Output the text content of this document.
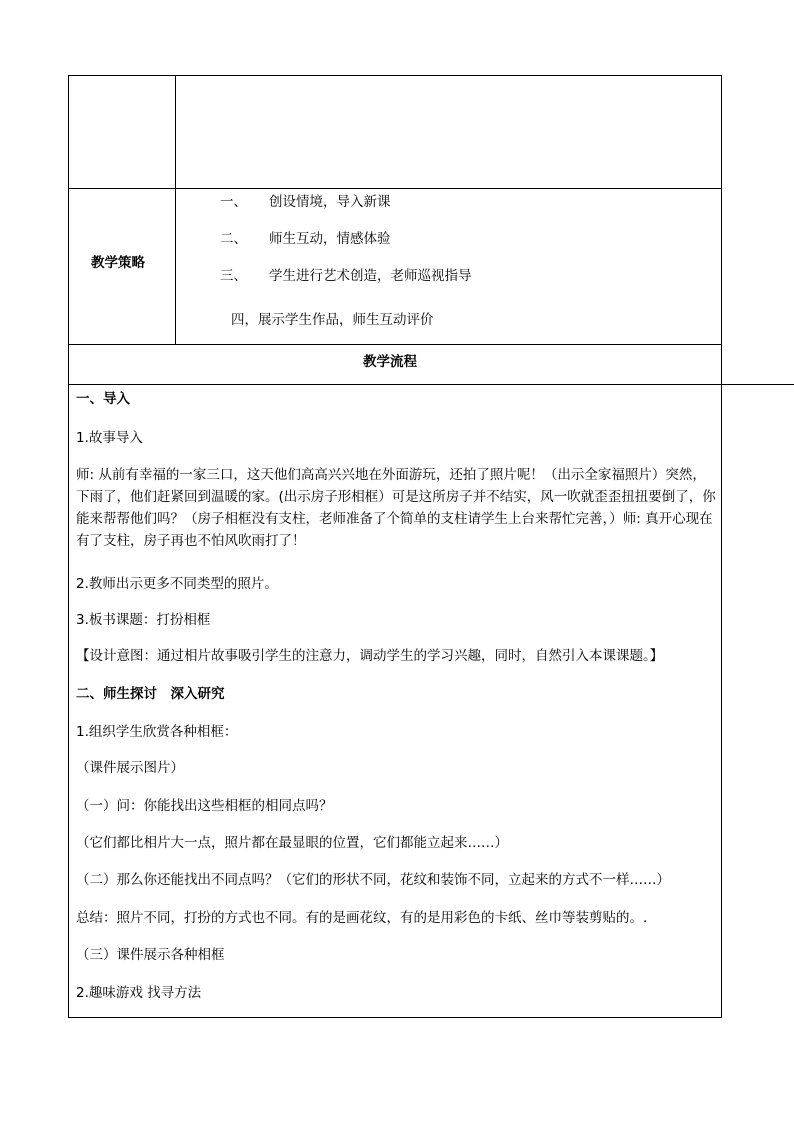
教学策略
一、 创设情境，导入新课
二、 师生互动，情感体验
三、 学生进行艺术创造，老师巡视指导
四，展示学生作品，师生互动评价
教学流程
一、导入
1.故事导入
师: 从前有幸福的一家三口，这天他们高高兴兴地在外面游玩，还拍了照片呢！（出示全家福照片）突然，下雨了，他们赶紧回到温暖的家。(出示房子形相框）可是这所房子并不结实，风一吹就歪歪扭扭要倒了，你能来帮帮他们吗？（房子相框没有支柱，老师准备了个简单的支柱请学生上台来帮忙完善，）师: 真开心现在有了支柱，房子再也不怕风吹雨打了！
2.教师出示更多不同类型的照片。
3.板书课题：打扮相框
【设计意图：通过相片故事吸引学生的注意力，调动学生的学习兴趣，同时，自然引入本课课题。】
二、师生探讨　深入研究
1.组织学生欣赏各种相框：
（课件展示图片）
（一）问：你能找出这些相框的相同点吗？
（它们都比相片大一点，照片都在最显眼的位置，它们都能立起来……）
（二）那么你还能找出不同点吗？（它们的形状不同，花纹和装饰不同，立起来的方式不一样……）
总结：照片不同，打扮的方式也不同。有的是画花纹，有的是用彩色的卡纸、丝巾等装剪贴的。.
（三）课件展示各种相框
2.趣味游戏 找寻方法
